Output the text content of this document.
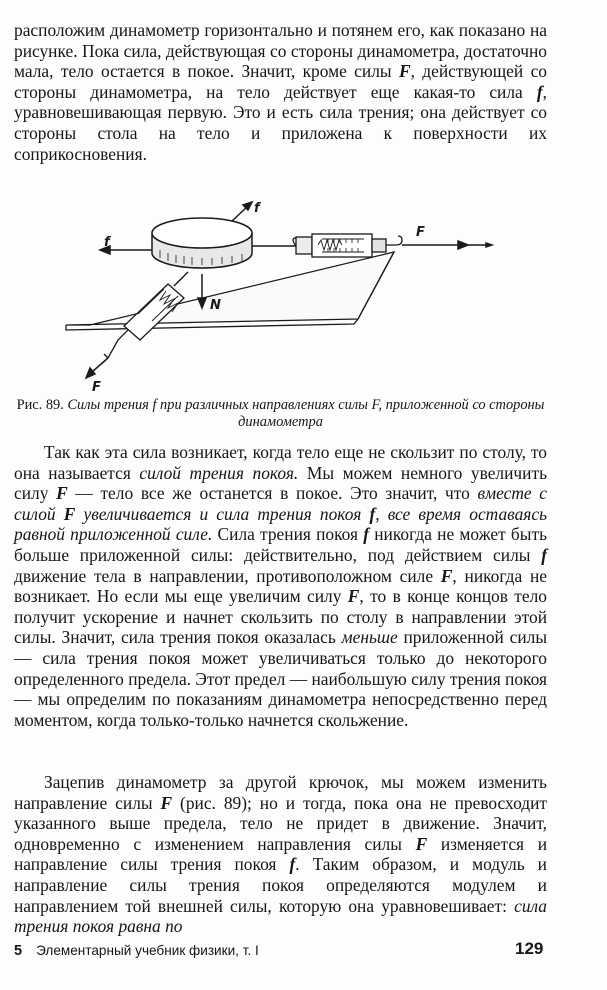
расположим динамометр горизонтально и потянем его, как показано на рисунке. Пока сила, действующая со стороны динамометра, достаточно мала, тело остается в покое. Значит, кроме силы F, действующей со стороны динамометра, на тело действует еще какая-то сила f, уравновешивающая первую. Это и есть сила трения; она действует со стороны стола на тело и приложена к поверхности их соприкосновения.

f
f
F
N
F

Рис. 89. Силы трения f при различных направлениях силы F, приложенной со стороны динамометра

Так как эта сила возникает, когда тело еще не скользит по столу, то она называется силой трения покоя. Мы можем немного увеличить силу F — тело все же останется в покое. Это значит, что вместе с силой F увеличивается и сила трения покоя f, все время оставаясь равной приложенной силе. Сила трения покоя f никогда не может быть больше приложенной силы: действительно, под действием силы f движение тела в направлении, противоположном силе F, никогда не возникает. Но если мы еще увеличим силу F, то в конце концов тело получит ускорение и начнет скользить по столу в направлении этой силы. Значит, сила трения покоя оказалась меньше приложенной силы — сила трения покоя может увеличиваться только до некоторого определенного предела. Этот предел — наибольшую силу трения покоя — мы определим по показаниям динамометра непосредственно перед моментом, когда только-только начнется скольжение.

Зацепив динамометр за другой крючок, мы можем изменить направление силы F (рис. 89); но и тогда, пока она не превосходит указанного выше предела, тело не придет в движение. Значит, одновременно с изменением направления силы F изменяется и направление силы трения покоя f. Таким образом, и модуль и направление силы трения покоя определяются модулем и направлением той внешней силы, которую она уравновешивает: сила трения покоя равна по

5 Элементарный учебник физики, т. I	129
